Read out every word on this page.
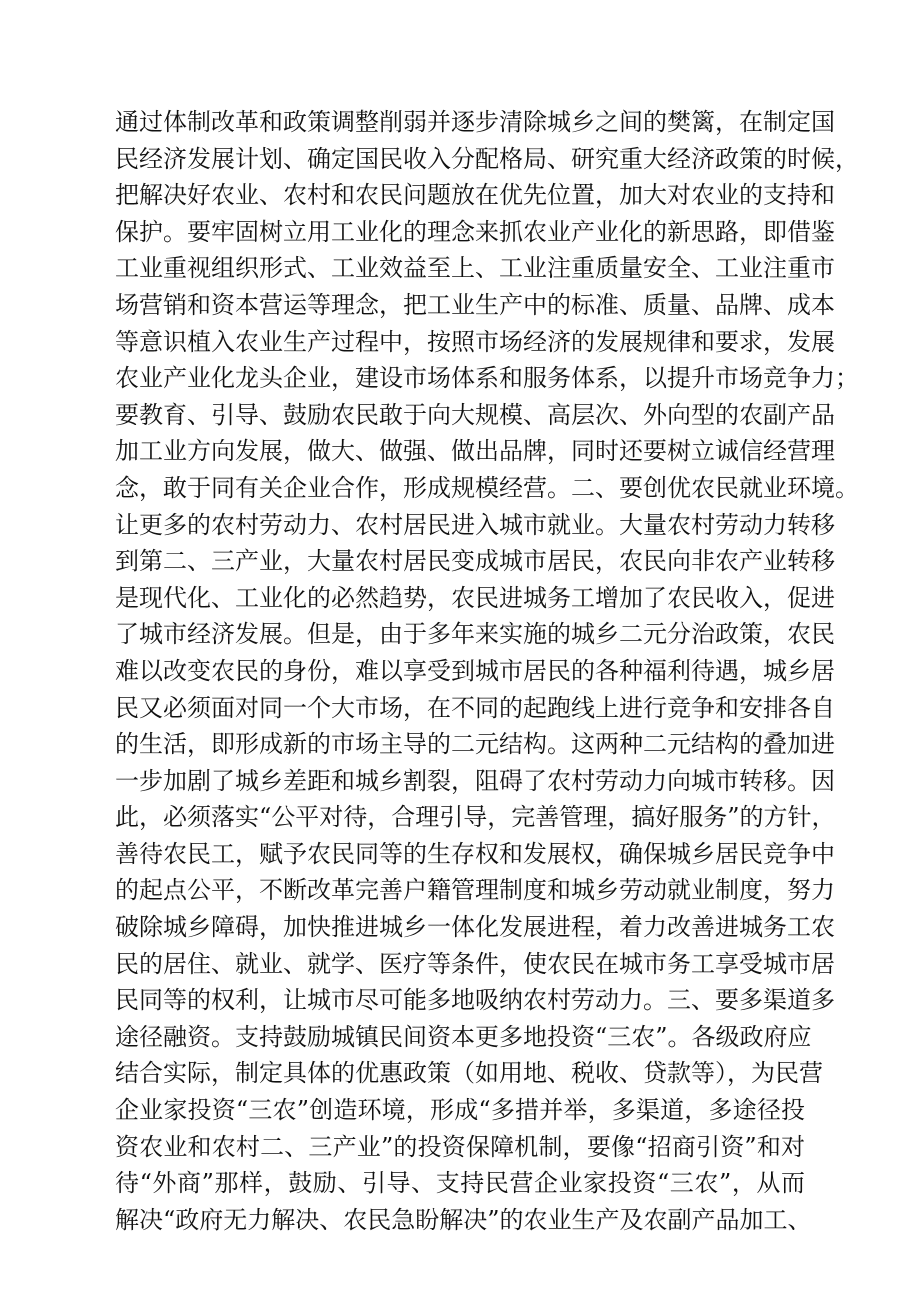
通过体制改革和政策调整削弱并逐步清除城乡之间的樊篱，在制定国
民经济发展计划、确定国民收入分配格局、研究重大经济政策的时候，
把解决好农业、农村和农民问题放在优先位置，加大对农业的支持和
保护。要牢固树立用工业化的理念来抓农业产业化的新思路，即借鉴
工业重视组织形式、工业效益至上、工业注重质量安全、工业注重市
场营销和资本营运等理念，把工业生产中的标准、质量、品牌、成本
等意识植入农业生产过程中，按照市场经济的发展规律和要求，发展
农业产业化龙头企业，建设市场体系和服务体系，以提升市场竞争力；
要教育、引导、鼓励农民敢于向大规模、高层次、外向型的农副产品
加工业方向发展，做大、做强、做出品牌，同时还要树立诚信经营理
念，敢于同有关企业合作，形成规模经营。二、要创优农民就业环境。
让更多的农村劳动力、农村居民进入城市就业。大量农村劳动力转移
到第二、三产业，大量农村居民变成城市居民，农民向非农产业转移
是现代化、工业化的必然趋势，农民进城务工增加了农民收入，促进
了城市经济发展。但是，由于多年来实施的城乡二元分治政策，农民
难以改变农民的身份，难以享受到城市居民的各种福利待遇，城乡居
民又必须面对同一个大市场，在不同的起跑线上进行竞争和安排各自
的生活，即形成新的市场主导的二元结构。这两种二元结构的叠加进
一步加剧了城乡差距和城乡割裂，阻碍了农村劳动力向城市转移。因
此，必须落实“公平对待，合理引导，完善管理，搞好服务”的方针，
善待农民工，赋予农民同等的生存权和发展权，确保城乡居民竞争中
的起点公平，不断改革完善户籍管理制度和城乡劳动就业制度，努力
破除城乡障碍，加快推进城乡一体化发展进程，着力改善进城务工农
民的居住、就业、就学、医疗等条件，使农民在城市务工享受城市居
民同等的权利，让城市尽可能多地吸纳农村劳动力。三、要多渠道多
途径融资。支持鼓励城镇民间资本更多地投资“三农”。各级政府应
结合实际，制定具体的优惠政策（如用地、税收、贷款等），为民营
企业家投资“三农”创造环境，形成“多措并举，多渠道，多途径投
资农业和农村二、三产业”的投资保障机制，要像“招商引资”和对
待“外商”那样，鼓励、引导、支持民营企业家投资“三农”，从而
解决“政府无力解决、农民急盼解决”的农业生产及农副产品加工、
